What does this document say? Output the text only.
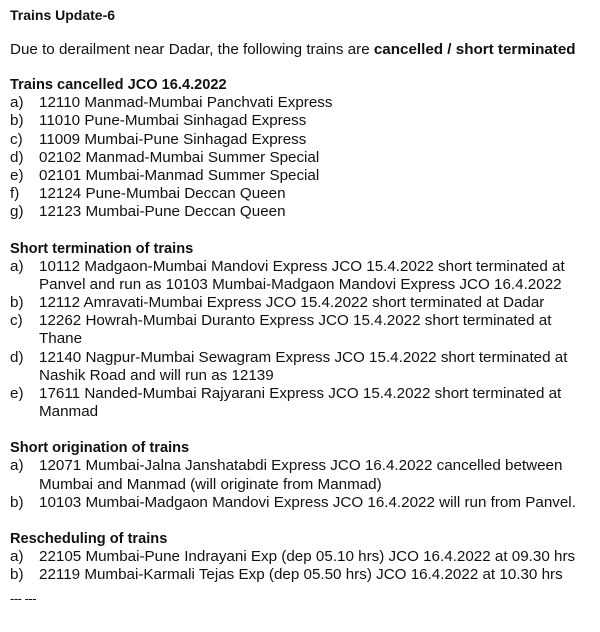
Trains Update-6
Due to derailment near Dadar, the following trains are cancelled / short terminated
Trains cancelled JCO 16.4.2022
a)	12110 Manmad-Mumbai Panchvati Express
b)	11010 Pune-Mumbai Sinhagad Express
c)	11009 Mumbai-Pune Sinhagad Express
d)	02102 Manmad-Mumbai Summer Special
e)	02101 Mumbai-Manmad Summer Special
f)	12124 Pune-Mumbai Deccan Queen
g)	12123 Mumbai-Pune Deccan Queen
Short termination of trains
a)	10112 Madgaon-Mumbai Mandovi Express JCO 15.4.2022 short terminated at Panvel and run as 10103 Mumbai-Madgaon Mandovi Express JCO 16.4.2022
b)	12112 Amravati-Mumbai Express JCO 15.4.2022 short terminated at Dadar
c)	12262 Howrah-Mumbai Duranto Express JCO 15.4.2022 short terminated at Thane
d)	12140 Nagpur-Mumbai Sewagram Express JCO 15.4.2022 short terminated at Nashik Road and will run as 12139
e)	17611 Nanded-Mumbai Rajyarani Express JCO 15.4.2022 short terminated at Manmad
Short origination of trains
a)	12071 Mumbai-Jalna Janshatabdi Express JCO 16.4.2022 cancelled between Mumbai and Manmad (will originate from Manmad)
b)	10103 Mumbai-Madgaon Mandovi Express JCO 16.4.2022 will run from Panvel.
Rescheduling of trains
a)	22105 Mumbai-Pune Indrayani Exp (dep 05.10 hrs) JCO 16.4.2022 at 09.30 hrs
b)	22119 Mumbai-Karmali Tejas Exp (dep 05.50 hrs) JCO 16.4.2022 at 10.30 hrs
--- ---
